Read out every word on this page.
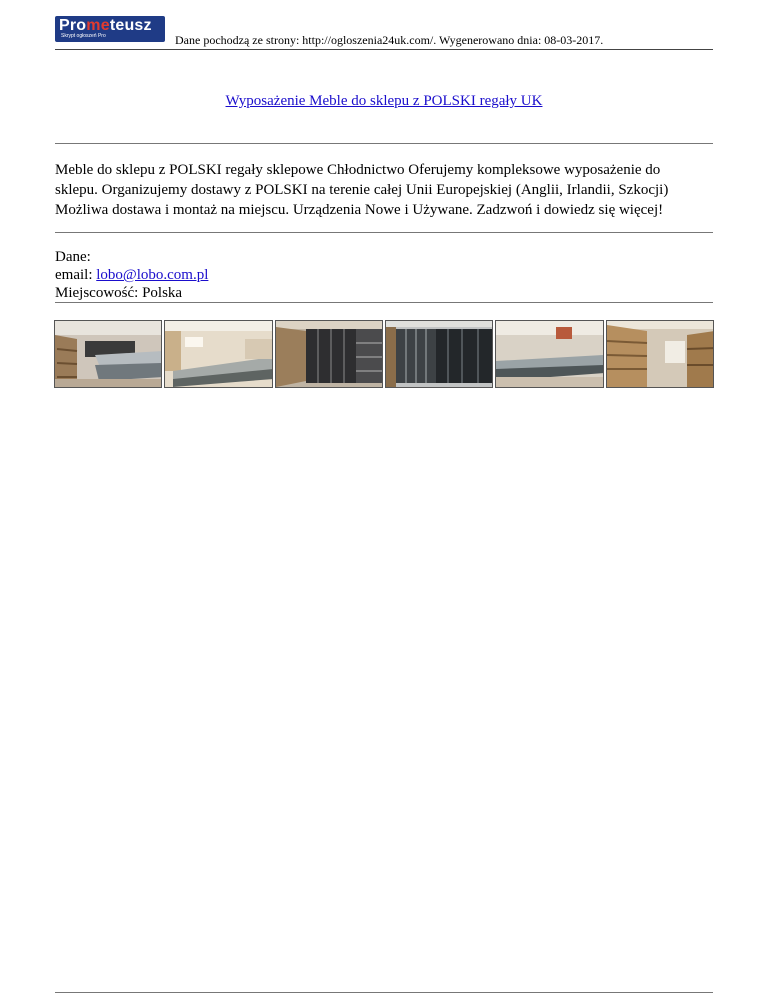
Prometeusz
Skrypt ogłoszeń Pro	Dane pochodzą ze strony: http://ogloszenia24uk.com/. Wygenerowano dnia: 08-03-2017.
Wyposażenie Meble do sklepu z POLSKI regały UK
Meble do sklepu z POLSKI regały sklepowe Chłodnictwo Oferujemy kompleksowe wyposażenie do
sklepu. Organizujemy dostawy z POLSKI na terenie całej Unii Europejskiej (Anglii, Irlandii, Szkocji)
Możliwa dostawa i montaż na miejscu. Urządzenia Nowe i Używane. Zadzwoń i dowiedz się więcej!
Dane:
email: lobo@lobo.com.pl
Miejscowość: Polska
